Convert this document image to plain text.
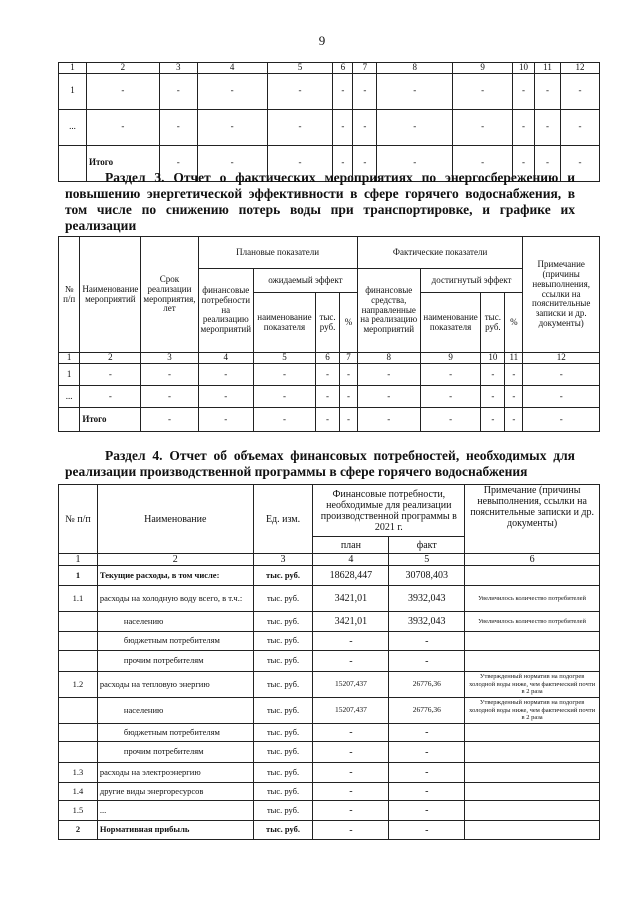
9
1	2	3	4	5	6	7	8	9	10	11	12
1	-	-	-	-	-	-	-	-	-	-	-
...	-	-	-	-	-	-	-	-	-	-	-
	Итого	-	-	-	-	-	-	-	-	-	-
Раздел 3. Отчет о фактических мероприятиях по энергосбережению и повышению энергетической эффективности в сфере горячего водоснабжения, в том числе по снижению потерь воды при транспортировке, и графике их реализации
№ п/п	Наименование мероприятий	Срок реализации мероприятия, лет	Плановые показатели				Фактические показатели				Примечание (причины невыполнения, ссылки на пояснительные записки и др. документы)
			финансовые потребности на реализацию мероприятий	ожидаемый эффект			финансовые средства, направленные на реализацию мероприятий	достигнутый эффект			
				наименование показателя	тыс. руб.	%		наименование показателя	тыс. руб.	%	
1	2	3	4	5	6	7	8	9	10	11	12
1	-	-	-	-	-	-	-	-	-	-	-
...	-	-	-	-	-	-	-	-	-	-	-
	Итого	-	-	-	-	-	-	-	-	-	-
Раздел 4. Отчет об объемах финансовых потребностей, необходимых для реализации производственной программы в сфере горячего водоснабжения
№ п/п	Наименование	Ед. изм.	Финансовые потребности, необходимые для реализации производственной программы в 2021 г.		Примечание (причины невыполнения, ссылки на пояснительные записки и др. документы)
			план	факт	
1	2	3	4	5	6
1	Текущие расходы, в том числе:	тыс. руб.	18628,447	30708,403	
1.1	расходы на холодную воду всего, в т.ч.:	тыс. руб.	3421,01	3932,043	Увеличилось количество потребителей
	населению	тыс. руб.	3421,01	3932,043	Увеличилось количество потребителей
	бюджетным потребителям	тыс. руб.	-	-	
	прочим потребителям	тыс. руб.	-	-	
1.2	расходы на тепловую энергию	тыс. руб.	15207,437	26776,36	Утвержденный норматив на подогрев холодной воды ниже, чем фактический почти в 2 раза
	населению	тыс. руб.	15207,437	26776,36	Утвержденный норматив на подогрев холодной воды ниже, чем фактический почти в 2 раза
	бюджетным потребителям	тыс. руб.	-	-	
	прочим потребителям	тыс. руб.	-	-	
1.3	расходы на электроэнергию	тыс. руб.	-	-	
1.4	другие виды энергоресурсов	тыс. руб.	-	-	
1.5	...	тыс. руб.	-	-	
2	Нормативная прибыль	тыс. руб.	-	-	
